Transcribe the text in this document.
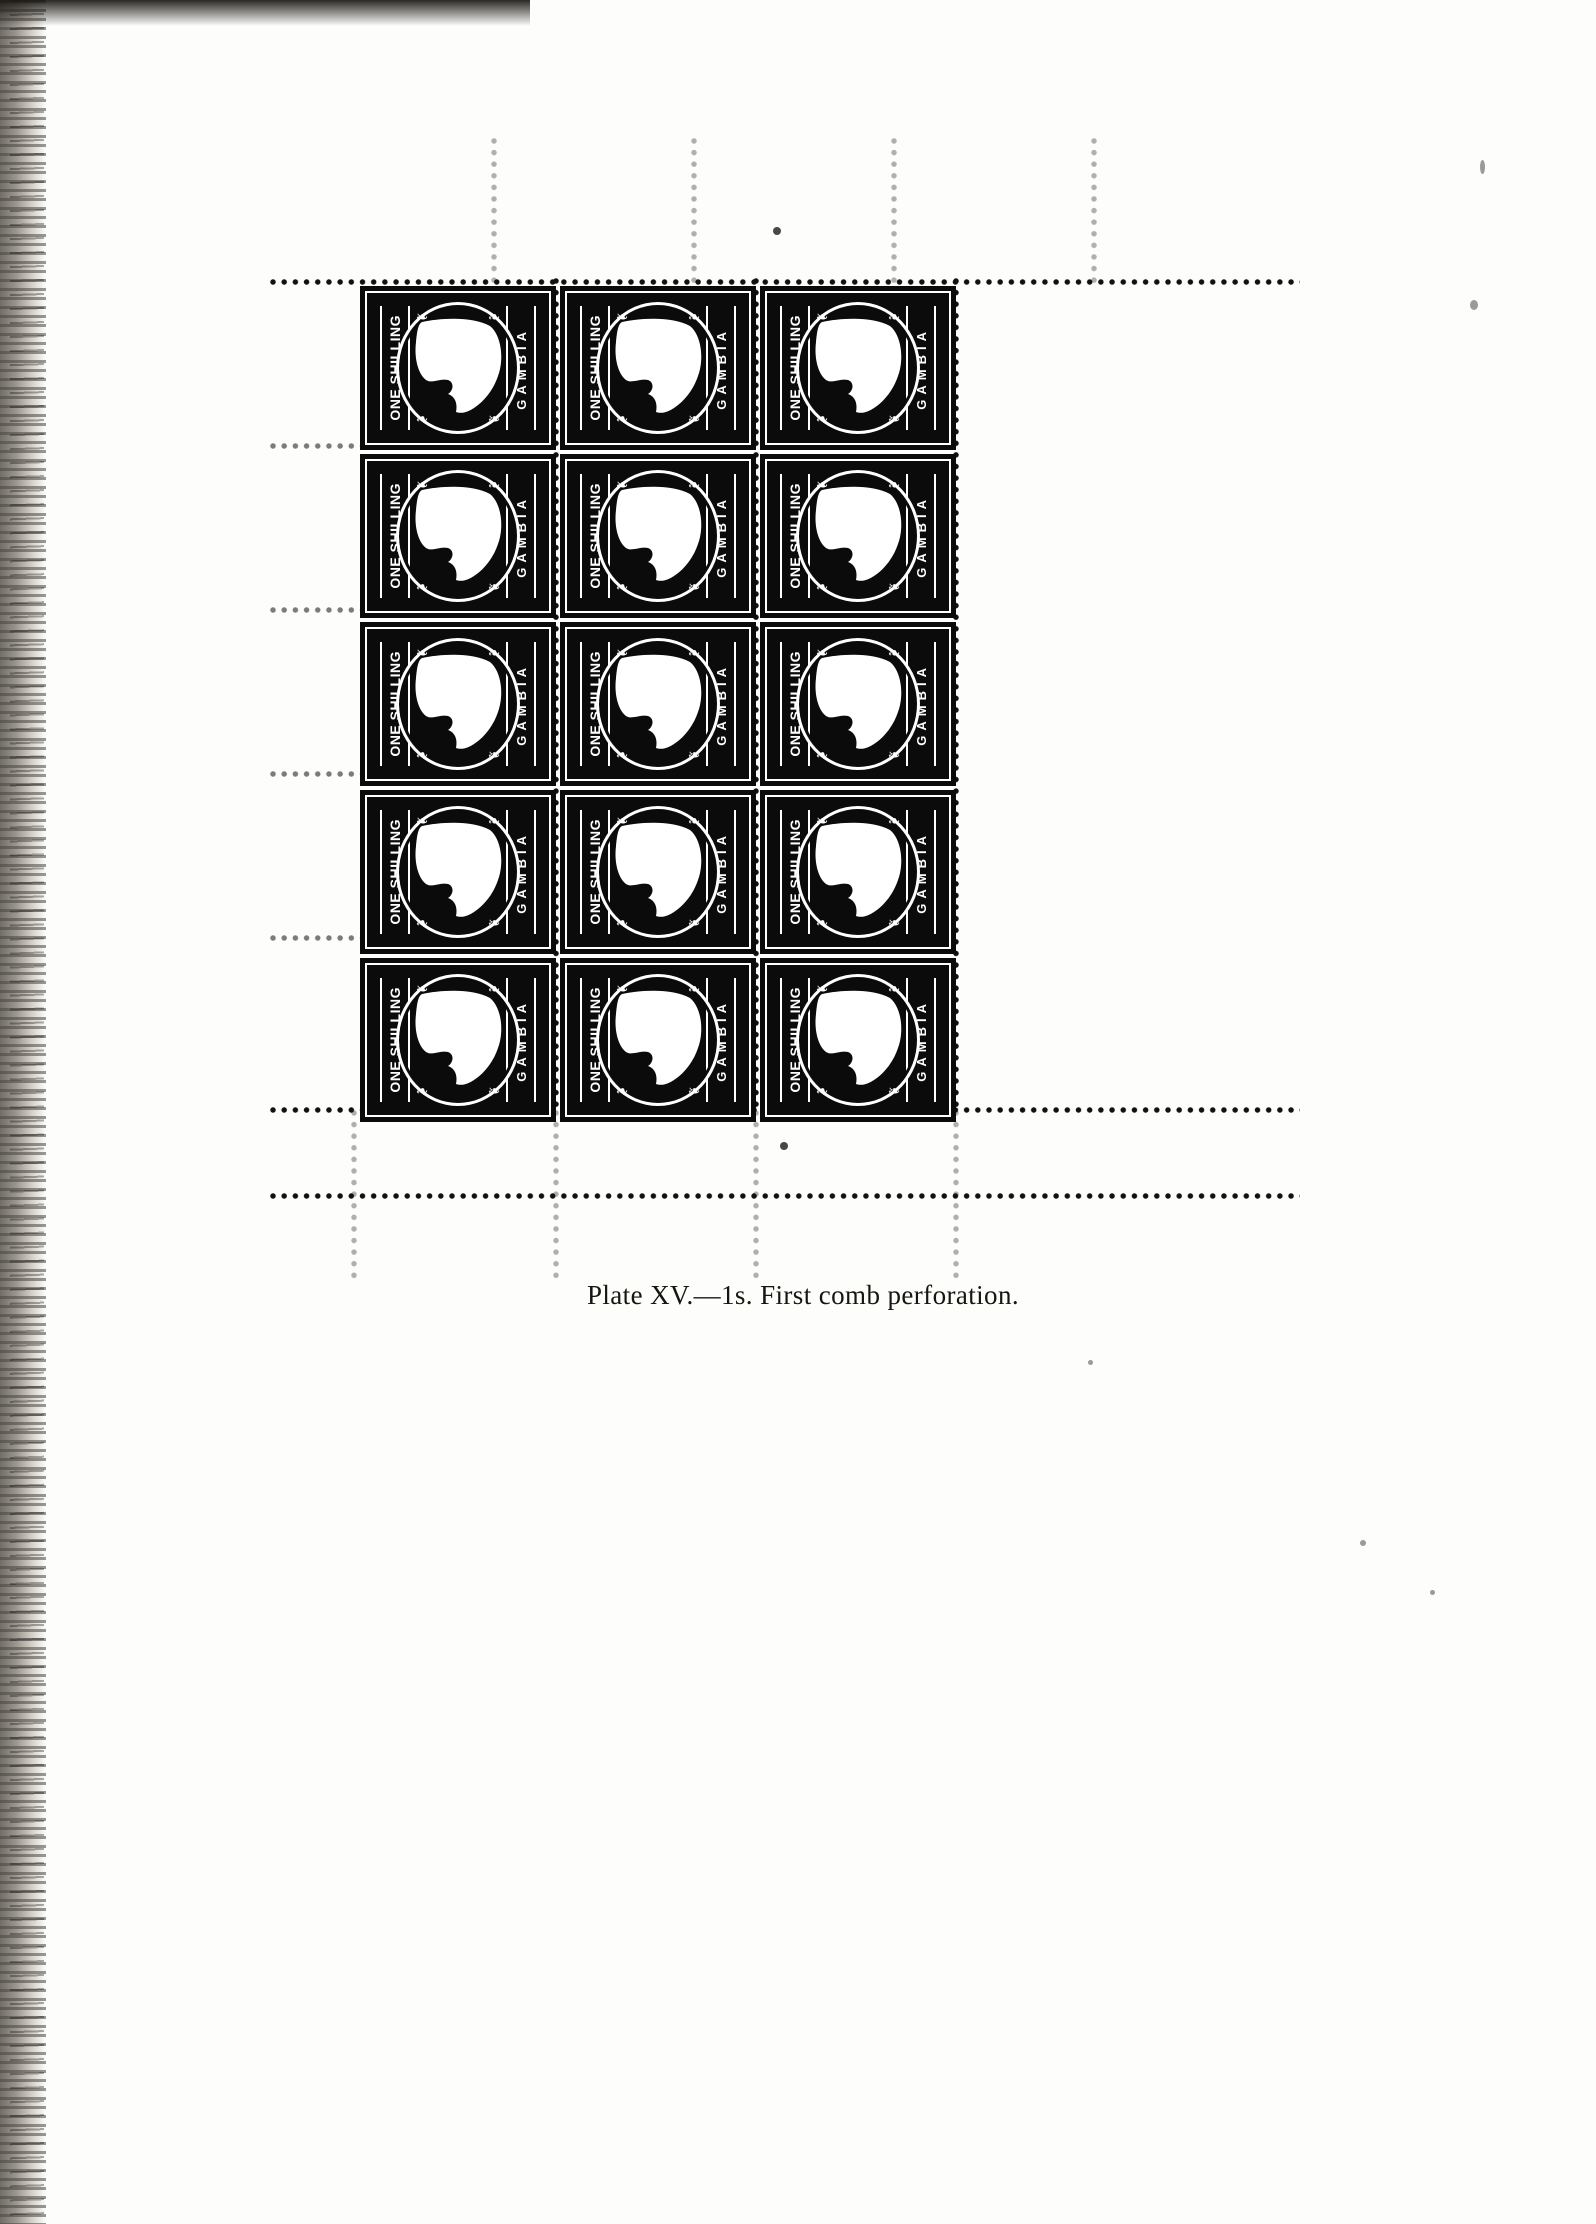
ONE SHILLING	GAMBIA
❧	❧
❧	❧	ONE SHILLING	GAMBIA
❧	❧
❧	❧	ONE SHILLING	GAMBIA
❧	❧
❧	❧
ONE SHILLING	GAMBIA
❧	❧
❧	❧	ONE SHILLING	GAMBIA
❧	❧
❧	❧	ONE SHILLING	GAMBIA
❧	❧
❧	❧
ONE SHILLING	GAMBIA
❧	❧
❧	❧	ONE SHILLING	GAMBIA
❧	❧
❧	❧	ONE SHILLING	GAMBIA
❧	❧
❧	❧
ONE SHILLING	GAMBIA
❧	❧
❧	❧	ONE SHILLING	GAMBIA
❧	❧
❧	❧	ONE SHILLING	GAMBIA
❧	❧
❧	❧
ONE SHILLING	GAMBIA
❧	❧
❧	❧	ONE SHILLING	GAMBIA
❧	❧
❧	❧	ONE SHILLING	GAMBIA
❧	❧
❧	❧
Plate XV.—1s. First comb perforation.
